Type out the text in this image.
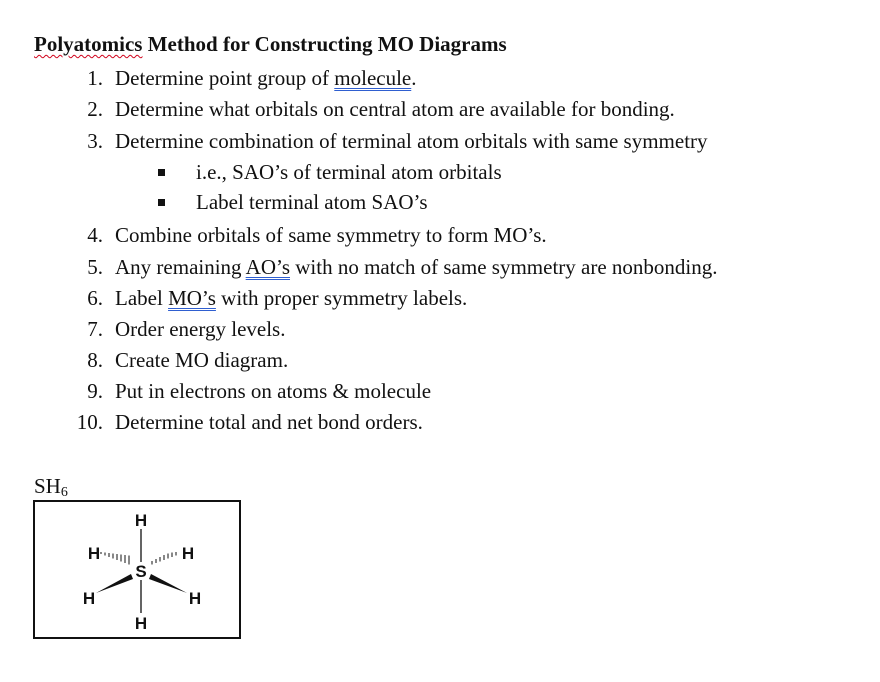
Polyatomics Method for Constructing MO Diagrams
1. Determine point group of molecule.
2. Determine what orbitals on central atom are available for bonding.
3. Determine combination of terminal atom orbitals with same symmetry
i.e., SAO’s of terminal atom orbitals
Label terminal atom SAO’s
4. Combine orbitals of same symmetry to form MO’s.
5. Any remaining AO’s with no match of same symmetry are nonbonding.
6. Label MO’s with proper symmetry labels.
7. Order energy levels.
8. Create MO diagram.
9. Put in electrons on atoms & molecule
10. Determine total and net bond orders.
$SH_6$
H
H	H
S
H	H
H
